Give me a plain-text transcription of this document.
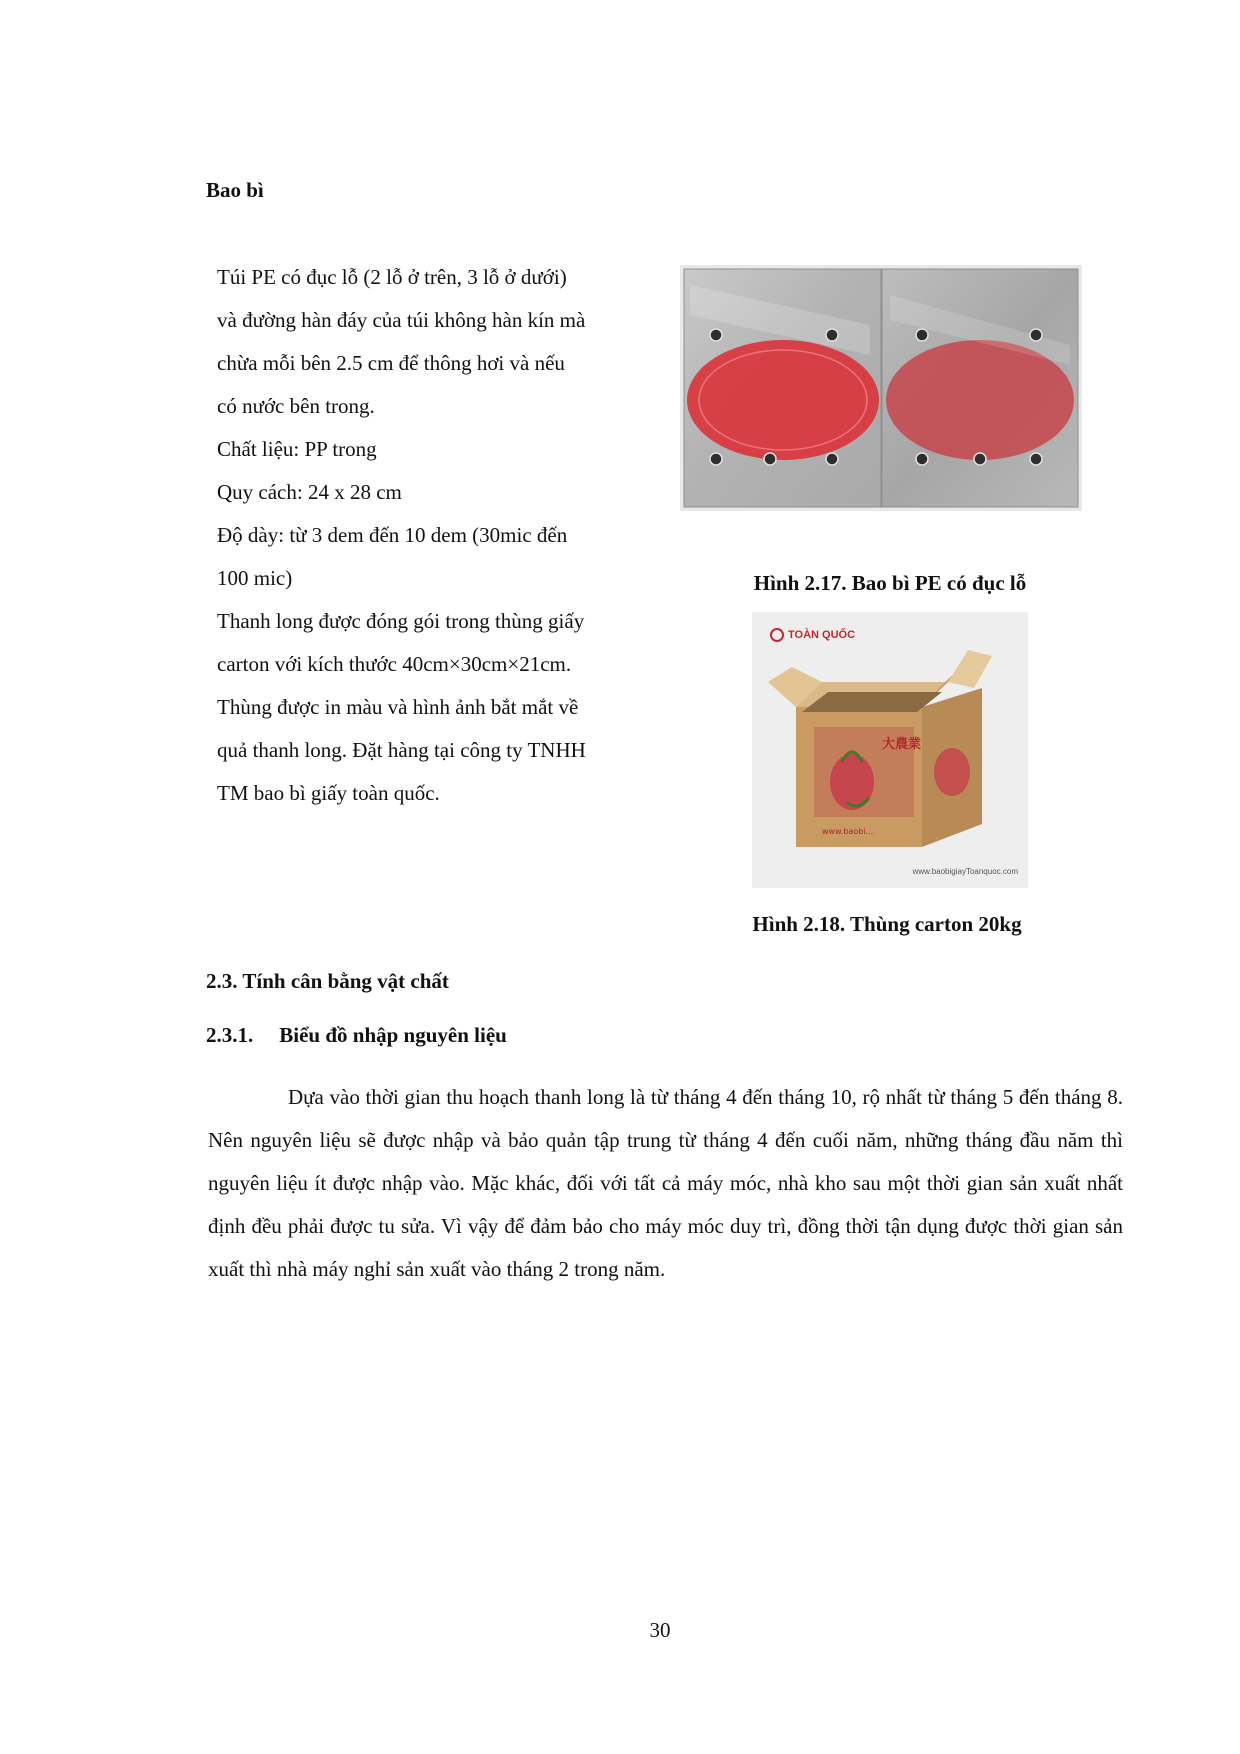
Bao bì
Túi PE có đục lỗ (2 lỗ ở trên, 3 lỗ ở dưới)
và đường hàn đáy của túi không hàn kín mà
chừa mỗi bên 2.5 cm để thông hơi và nếu
có nước bên trong.
Chất liệu: PP trong
Quy cách: 24 x 28 cm
Độ dày: từ 3 dem đến 10 dem (30mic đến
100 mic)
Thanh long được đóng gói trong thùng giấy
carton với kích thước 40cm×30cm×21cm.
Thùng được in màu và hình ảnh bắt mắt về
quả thanh long. Đặt hàng tại công ty TNHH
TM bao bì giấy toàn quốc.
Hình 2.17. Bao bì PE có đục lỗ
大農業
www.baobi...
TOÀN QUỐC
www.baobigiayToanquoc.com
Hình 2.18. Thùng carton 20kg
2.3. Tính cân bằng vật chất
2.3.1. Biểu đồ nhập nguyên liệu
Dựa vào thời gian thu hoạch thanh long là từ tháng 4 đến tháng 10, rộ nhất từ tháng 5 đến tháng 8. Nên nguyên liệu sẽ được nhập và bảo quản tập trung từ tháng 4 đến cuối năm, những tháng đầu năm thì nguyên liệu ít được nhập vào. Mặc khác, đối với tất cả máy móc, nhà kho sau một thời gian sản xuất nhất định đều phải được tu sửa. Vì vậy để đảm bảo cho máy móc duy trì, đồng thời tận dụng được thời gian sản xuất thì nhà máy nghỉ sản xuất vào tháng 2 trong năm.
30
